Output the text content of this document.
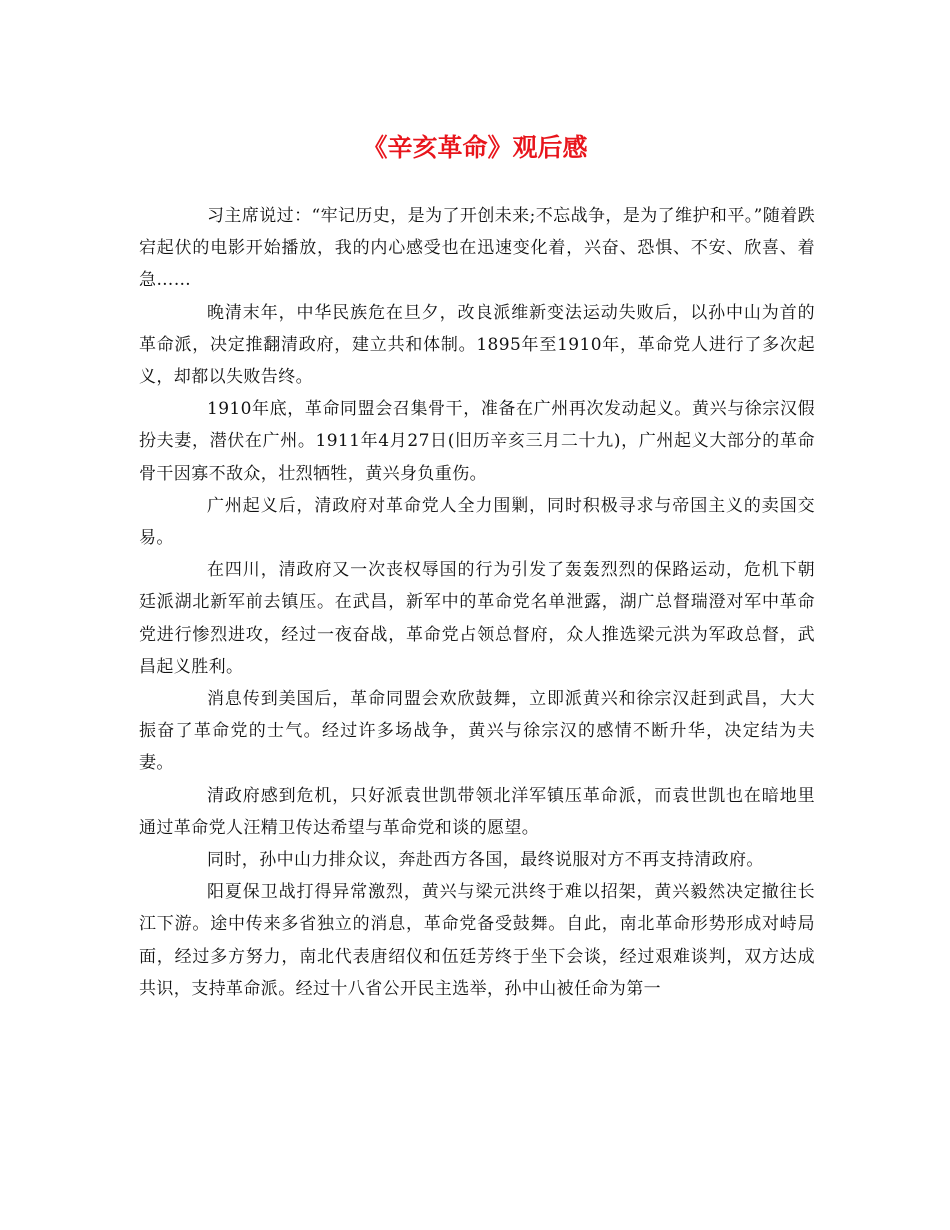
《辛亥革命》观后感

习主席说过：“牢记历史，是为了开创未来;不忘战争，是为了维护和平。”随着跌宕起伏的电影开始播放，我的内心感受也在迅速变化着，兴奋、恐惧、不安、欣喜、着急……

晚清末年，中华民族危在旦夕，改良派维新变法运动失败后，以孙中山为首的革命派，决定推翻清政府，建立共和体制。1895年至1910年，革命党人进行了多次起义，却都以失败告终。

1910年底，革命同盟会召集骨干，准备在广州再次发动起义。黄兴与徐宗汉假扮夫妻，潜伏在广州。1911年4月27日(旧历辛亥三月二十九)，广州起义大部分的革命骨干因寡不敌众，壮烈牺牲，黄兴身负重伤。

广州起义后，清政府对革命党人全力围剿，同时积极寻求与帝国主义的卖国交易。

在四川，清政府又一次丧权辱国的行为引发了轰轰烈烈的保路运动，危机下朝廷派湖北新军前去镇压。在武昌，新军中的革命党名单泄露，湖广总督瑞澄对军中革命党进行惨烈进攻，经过一夜奋战，革命党占领总督府，众人推选梁元洪为军政总督，武昌起义胜利。

消息传到美国后，革命同盟会欢欣鼓舞，立即派黄兴和徐宗汉赶到武昌，大大振奋了革命党的士气。经过许多场战争，黄兴与徐宗汉的感情不断升华，决定结为夫妻。

清政府感到危机，只好派袁世凯带领北洋军镇压革命派，而袁世凯也在暗地里通过革命党人汪精卫传达希望与革命党和谈的愿望。

同时，孙中山力排众议，奔赴西方各国，最终说服对方不再支持清政府。

阳夏保卫战打得异常激烈，黄兴与梁元洪终于难以招架，黄兴毅然决定撤往长江下游。途中传来多省独立的消息，革命党备受鼓舞。自此，南北革命形势形成对峙局面，经过多方努力，南北代表唐绍仪和伍廷芳终于坐下会谈，经过艰难谈判，双方达成共识，支持革命派。经过十八省公开民主选举，孙中山被任命为第一
